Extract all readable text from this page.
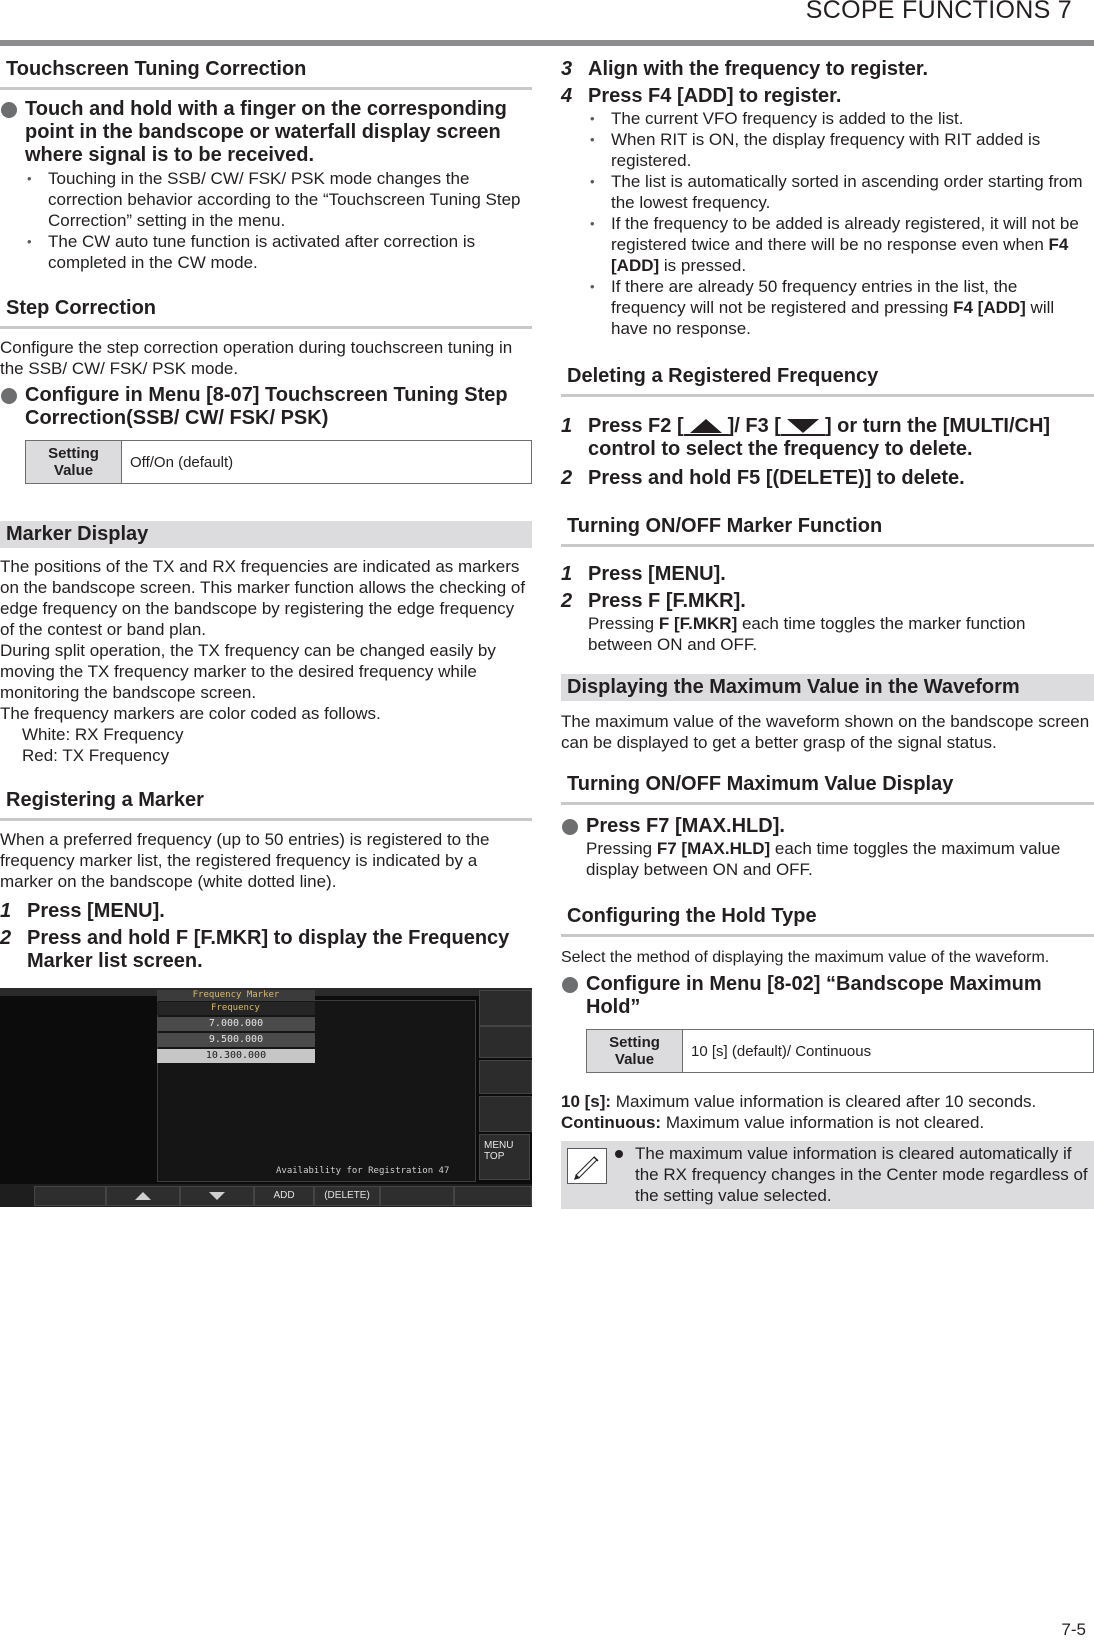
SCOPE FUNCTIONS 7
Touchscreen Tuning Correction
Touch and hold with a finger on the corresponding point in the bandscope or waterfall display screen where signal is to be received.
• Touching in the SSB/ CW/ FSK/ PSK mode changes the correction behavior according to the “Touchscreen Tuning Step Correction” setting in the menu.
• The CW auto tune function is activated after correction is completed in the CW mode.
Step Correction

Configure the step correction operation during touchscreen tuning in the SSB/ CW/ FSK/ PSK mode.

Configure in Menu [8-07] Touchscreen Tuning Step Correction(SSB/ CW/ FSK/ PSK)
Setting Value	Off/On (default)
Marker Display

The positions of the TX and RX frequencies are indicated as markers on the bandscope screen. This marker function allows the checking of edge frequency on the bandscope by registering the edge frequency of the contest or band plan.

During split operation, the TX frequency can be changed easily by moving the TX frequency marker to the desired frequency while monitoring the bandscope screen.

The frequency markers are color coded as follows.

White: RX Frequency

Red: TX Frequency

Registering a Marker

When a preferred frequency (up to 50 entries) is registered to the frequency marker list, the registered frequency is indicated by a marker on the bandscope (white dotted line).

1 Press [MENU].
2 Press and hold F [F.MKR] to display the Frequency Marker list screen.
Frequency Marker
Frequency
7.000.000
9.500.000
10.300.000
Availability for Registration 47
MENU TOP
ADD	(DELETE)
3 Align with the frequency to register.
4 Press F4 [ADD] to register.
• The current VFO frequency is added to the list.
• When RIT is ON, the display frequency with RIT added is registered.
• The list is automatically sorted in ascending order starting from the lowest frequency.
• If the frequency to be added is already registered, it will not be registered twice and there will be no response even when F4 [ADD] is pressed.
• If there are already 50 frequency entries in the list, the frequency will not be registered and pressing F4 [ADD] will have no response.
Deleting a Registered Frequency
1 Press F2 [ ]/ F3 [ ] or turn the [MULTI/CH] control to select the frequency to delete.
2 Press and hold F5 [(DELETE)] to delete.
Turning ON/OFF Marker Function
1 Press [MENU].
2 Press F [F.MKR].

Pressing F [F.MKR] each time toggles the marker function between ON and OFF.

Displaying the Maximum Value in the Waveform

The maximum value of the waveform shown on the bandscope screen can be displayed to get a better grasp of the signal status.

Turning ON/OFF Maximum Value Display
Press F7 [MAX.HLD].

Pressing F7 [MAX.HLD] each time toggles the maximum value display between ON and OFF.

Configuring the Hold Type

Select the method of displaying the maximum value of the waveform.

Configure in Menu [8-02] “Bandscope Maximum Hold”
Setting Value	10 [s] (default)/ Continuous

10 [s]: Maximum value information is cleared after 10 seconds.

Continuous: Maximum value information is not cleared.

The maximum value information is cleared automatically if the RX frequency changes in the Center mode regardless of the setting value selected.
7-5
